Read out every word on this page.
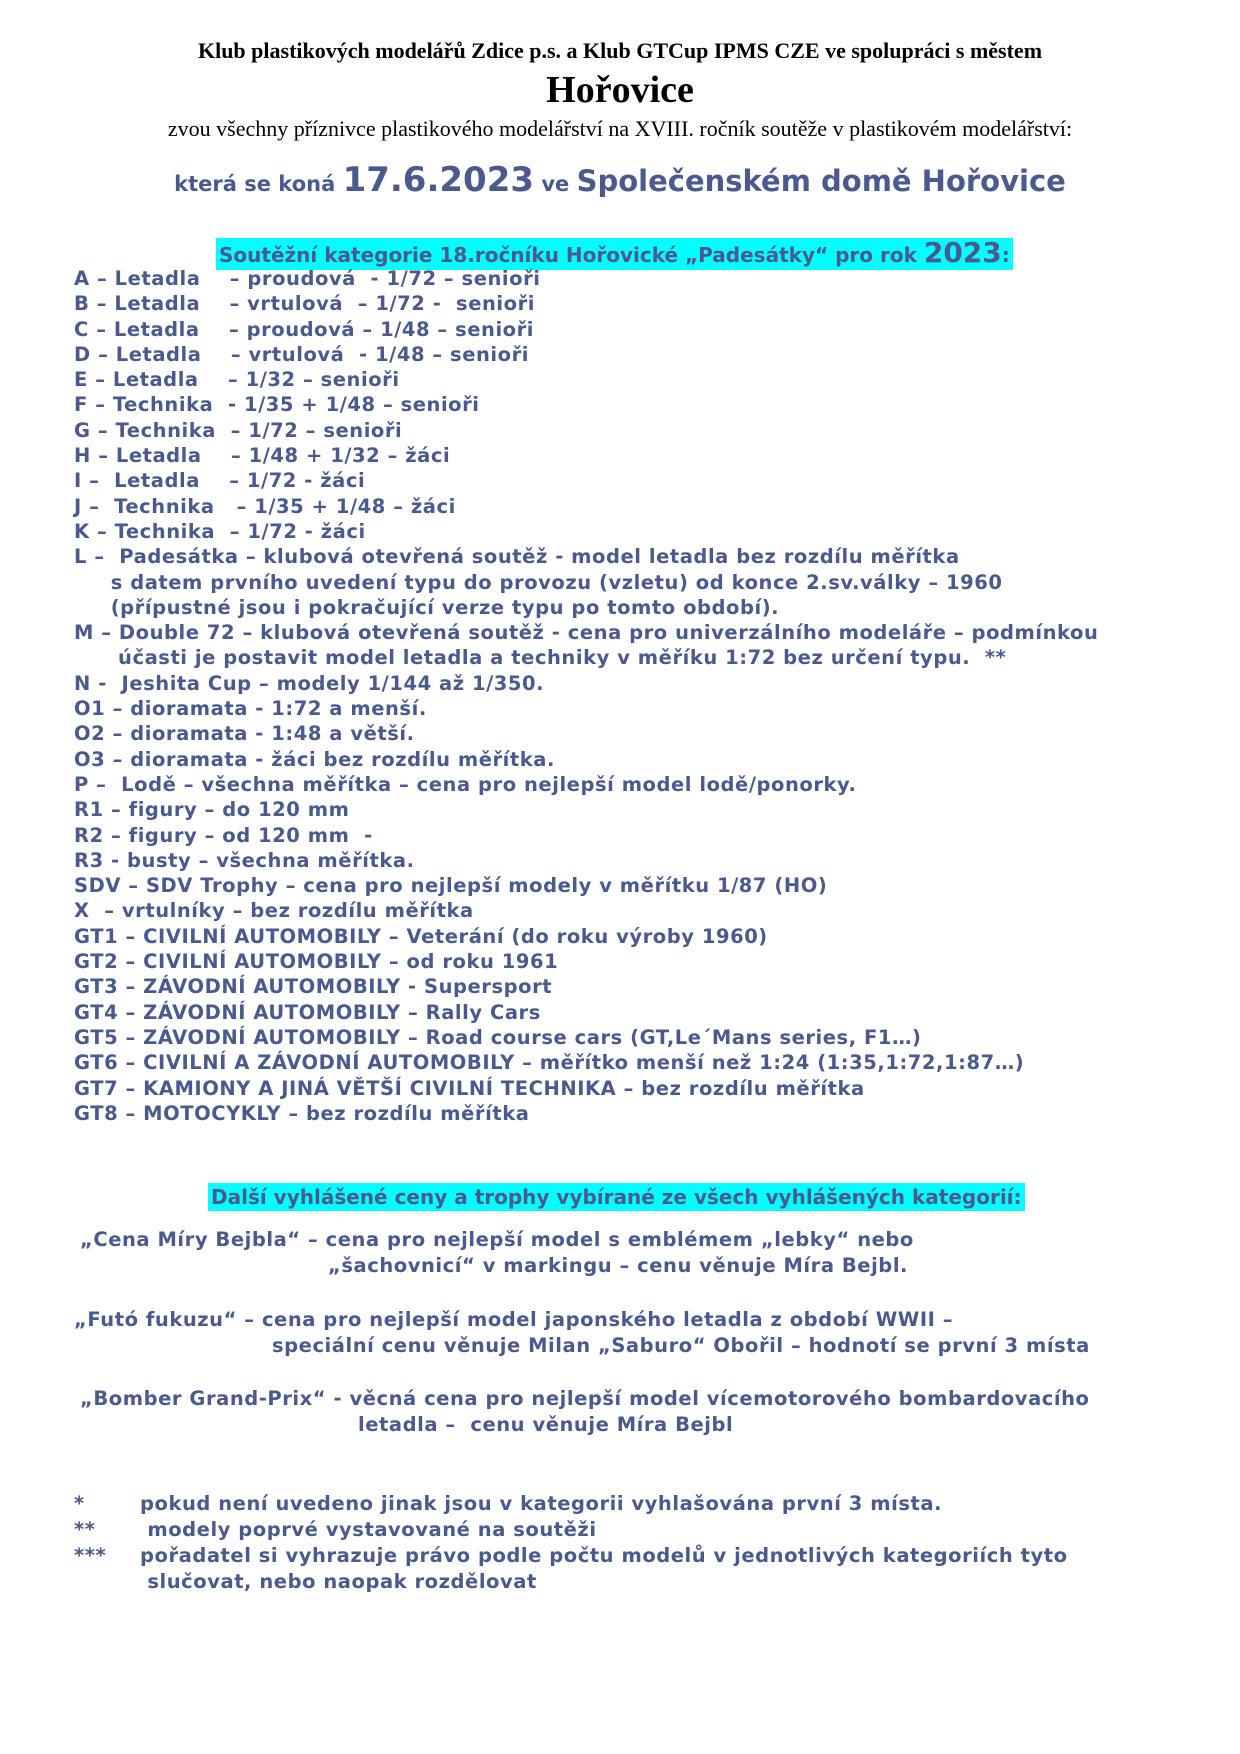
Klub plastikových modelářů Zdice p.s. a Klub GTCup IPMS CZE ve spolupráci s městem
Hořovice
zvou všechny příznivce plastikového modelářství na XVIII. ročník soutěže v plastikovém modelářství:
která se koná 17.6.2023 ve Společenském domě Hořovice
Soutěžní kategorie 18.ročníku Hořovické „Padesátky“ pro rok 2023:
A – Letadla    – proudová  - 1/72 – senioři
B – Letadla    – vrtulová  – 1/72 -  senioři
C – Letadla    – proudová – 1/48 – senioři
D – Letadla    – vrtulová  - 1/48 – senioři
E – Letadla    – 1/32 – senioři
F – Technika  - 1/35 + 1/48 – senioři
G – Technika  – 1/72 – senioři
H – Letadla    – 1/48 + 1/32 – žáci
I –  Letadla    – 1/72 - žáci
J –  Technika   – 1/35 + 1/48 – žáci
K – Technika  – 1/72 - žáci
L –  Padesátka – klubová otevřená soutěž - model letadla bez rozdílu měřítka
s datem prvního uvedení typu do provozu (vzletu) od konce 2.sv.války – 1960
(přípustné jsou i pokračující verze typu po tomto období).
M – Double 72 – klubová otevřená soutěž - cena pro univerzálního modeláře – podmínkou
účasti je postavit model letadla a techniky v měříku 1:72 bez určení typu.  **
N -  Jeshita Cup – modely 1/144 až 1/350.
O1 – dioramata - 1:72 a menší.
O2 – dioramata - 1:48 a větší.
O3 – dioramata - žáci bez rozdílu měřítka.
P –  Lodě – všechna měřítka – cena pro nejlepší model lodě/ponorky.
R1 – figury – do 120 mm
R2 – figury – od 120 mm  -
R3 - busty – všechna měřítka.
SDV – SDV Trophy – cena pro nejlepší modely v měřítku 1/87 (HO)
X  – vrtulníky – bez rozdílu měřítka
GT1 – CIVILNÍ AUTOMOBILY – Veterání (do roku výroby 1960)
GT2 – CIVILNÍ AUTOMOBILY – od roku 1961
GT3 – ZÁVODNÍ AUTOMOBILY - Supersport
GT4 – ZÁVODNÍ AUTOMOBILY – Rally Cars
GT5 – ZÁVODNÍ AUTOMOBILY – Road course cars (GT,Le´Mans series, F1…)
GT6 – CIVILNÍ A ZÁVODNÍ AUTOMOBILY – měřítko menší než 1:24 (1:35,1:72,1:87…)
GT7 – KAMIONY A JINÁ VĚTŠÍ CIVILNÍ TECHNIKA – bez rozdílu měřítka
GT8 – MOTOCYKLY – bez rozdílu měřítka
Další vyhlášené ceny a trophy vybírané ze všech vyhlášených kategorií:
„Cena Míry Bejbla“ – cena pro nejlepší model s emblémem „lebky“ nebo
„šachovnicí“ v markingu – cenu věnuje Míra Bejbl.
„Futó fukuzu“ – cena pro nejlepší model japonského letadla z období WWII –
speciální cenu věnuje Milan „Saburo“ Obořil – hodnotí se první 3 místa
„Bomber Grand-Prix“ - věcná cena pro nejlepší model vícemotorového bombardovacího
letadla –  cenu věnuje Míra Bejbl
*	pokud není uvedeno jinak jsou v kategorii vyhlašována první 3 místa.
** modely poprvé vystavované na soutěži
*** pořadatel si vyhrazuje právo podle počtu modelů v jednotlivých kategoriích tyto
slučovat, nebo naopak rozdělovat
